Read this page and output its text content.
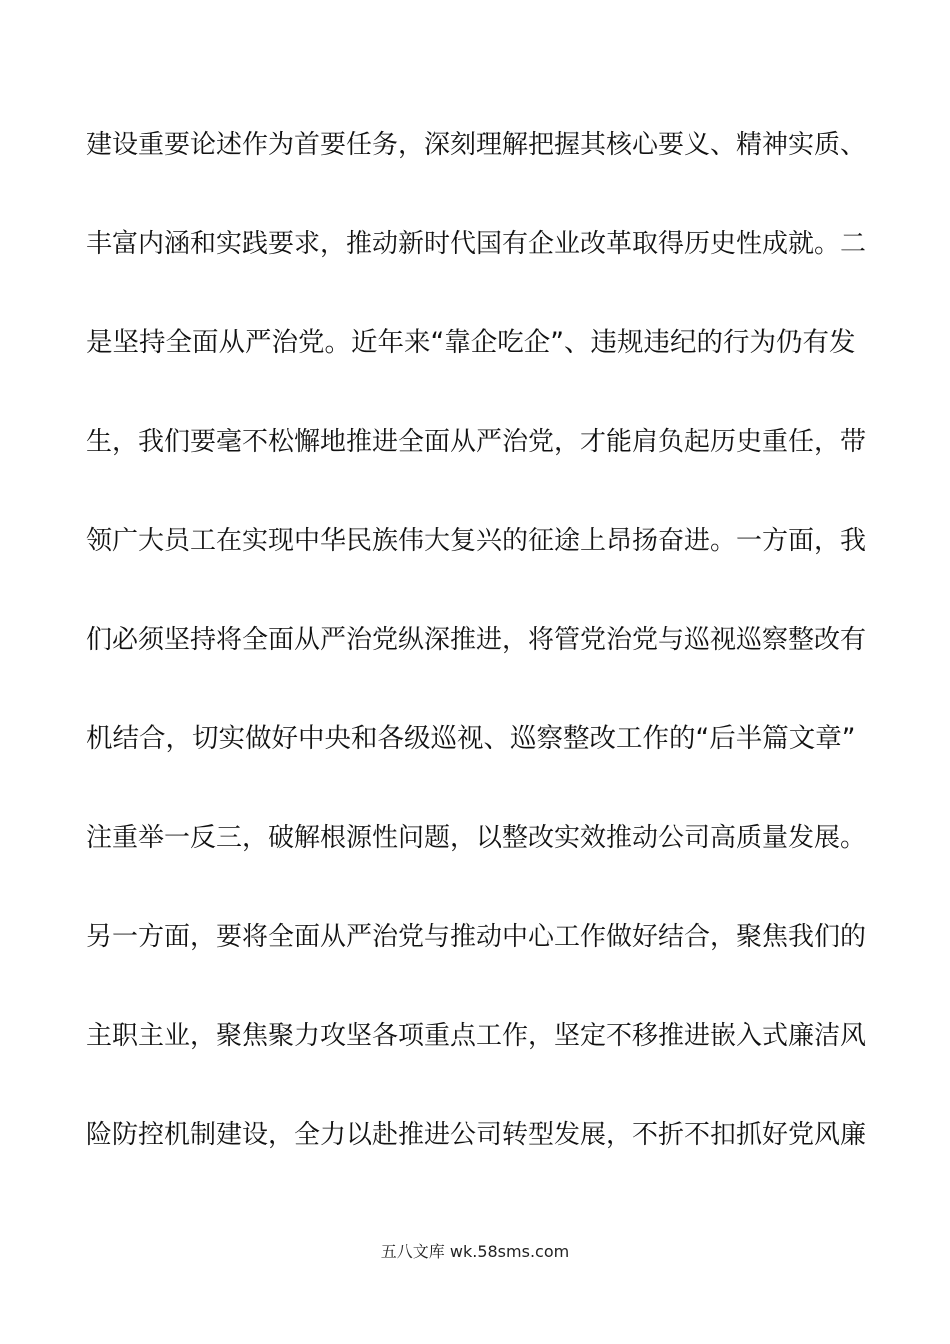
建设重要论述作为首要任务，深刻理解把握其核心要义、精神实质、
丰富内涵和实践要求，推动新时代国有企业改革取得历史性成就。二
是坚持全面从严治党。近年来“靠企吃企”、违规违纪的行为仍有发
生，我们要毫不松懈地推进全面从严治党，才能肩负起历史重任，带
领广大员工在实现中华民族伟大复兴的征途上昂扬奋进。一方面，我
们必须坚持将全面从严治党纵深推进，将管党治党与巡视巡察整改有
机结合，切实做好中央和各级巡视、巡察整改工作的“后半篇文章”
注重举一反三，破解根源性问题，以整改实效推动公司高质量发展。
另一方面，要将全面从严治党与推动中心工作做好结合，聚焦我们的
主职主业，聚焦聚力攻坚各项重点工作，坚定不移推进嵌入式廉洁风
险防控机制建设，全力以赴推进公司转型发展，不折不扣抓好党风廉
五八文库 wk.58sms.com
